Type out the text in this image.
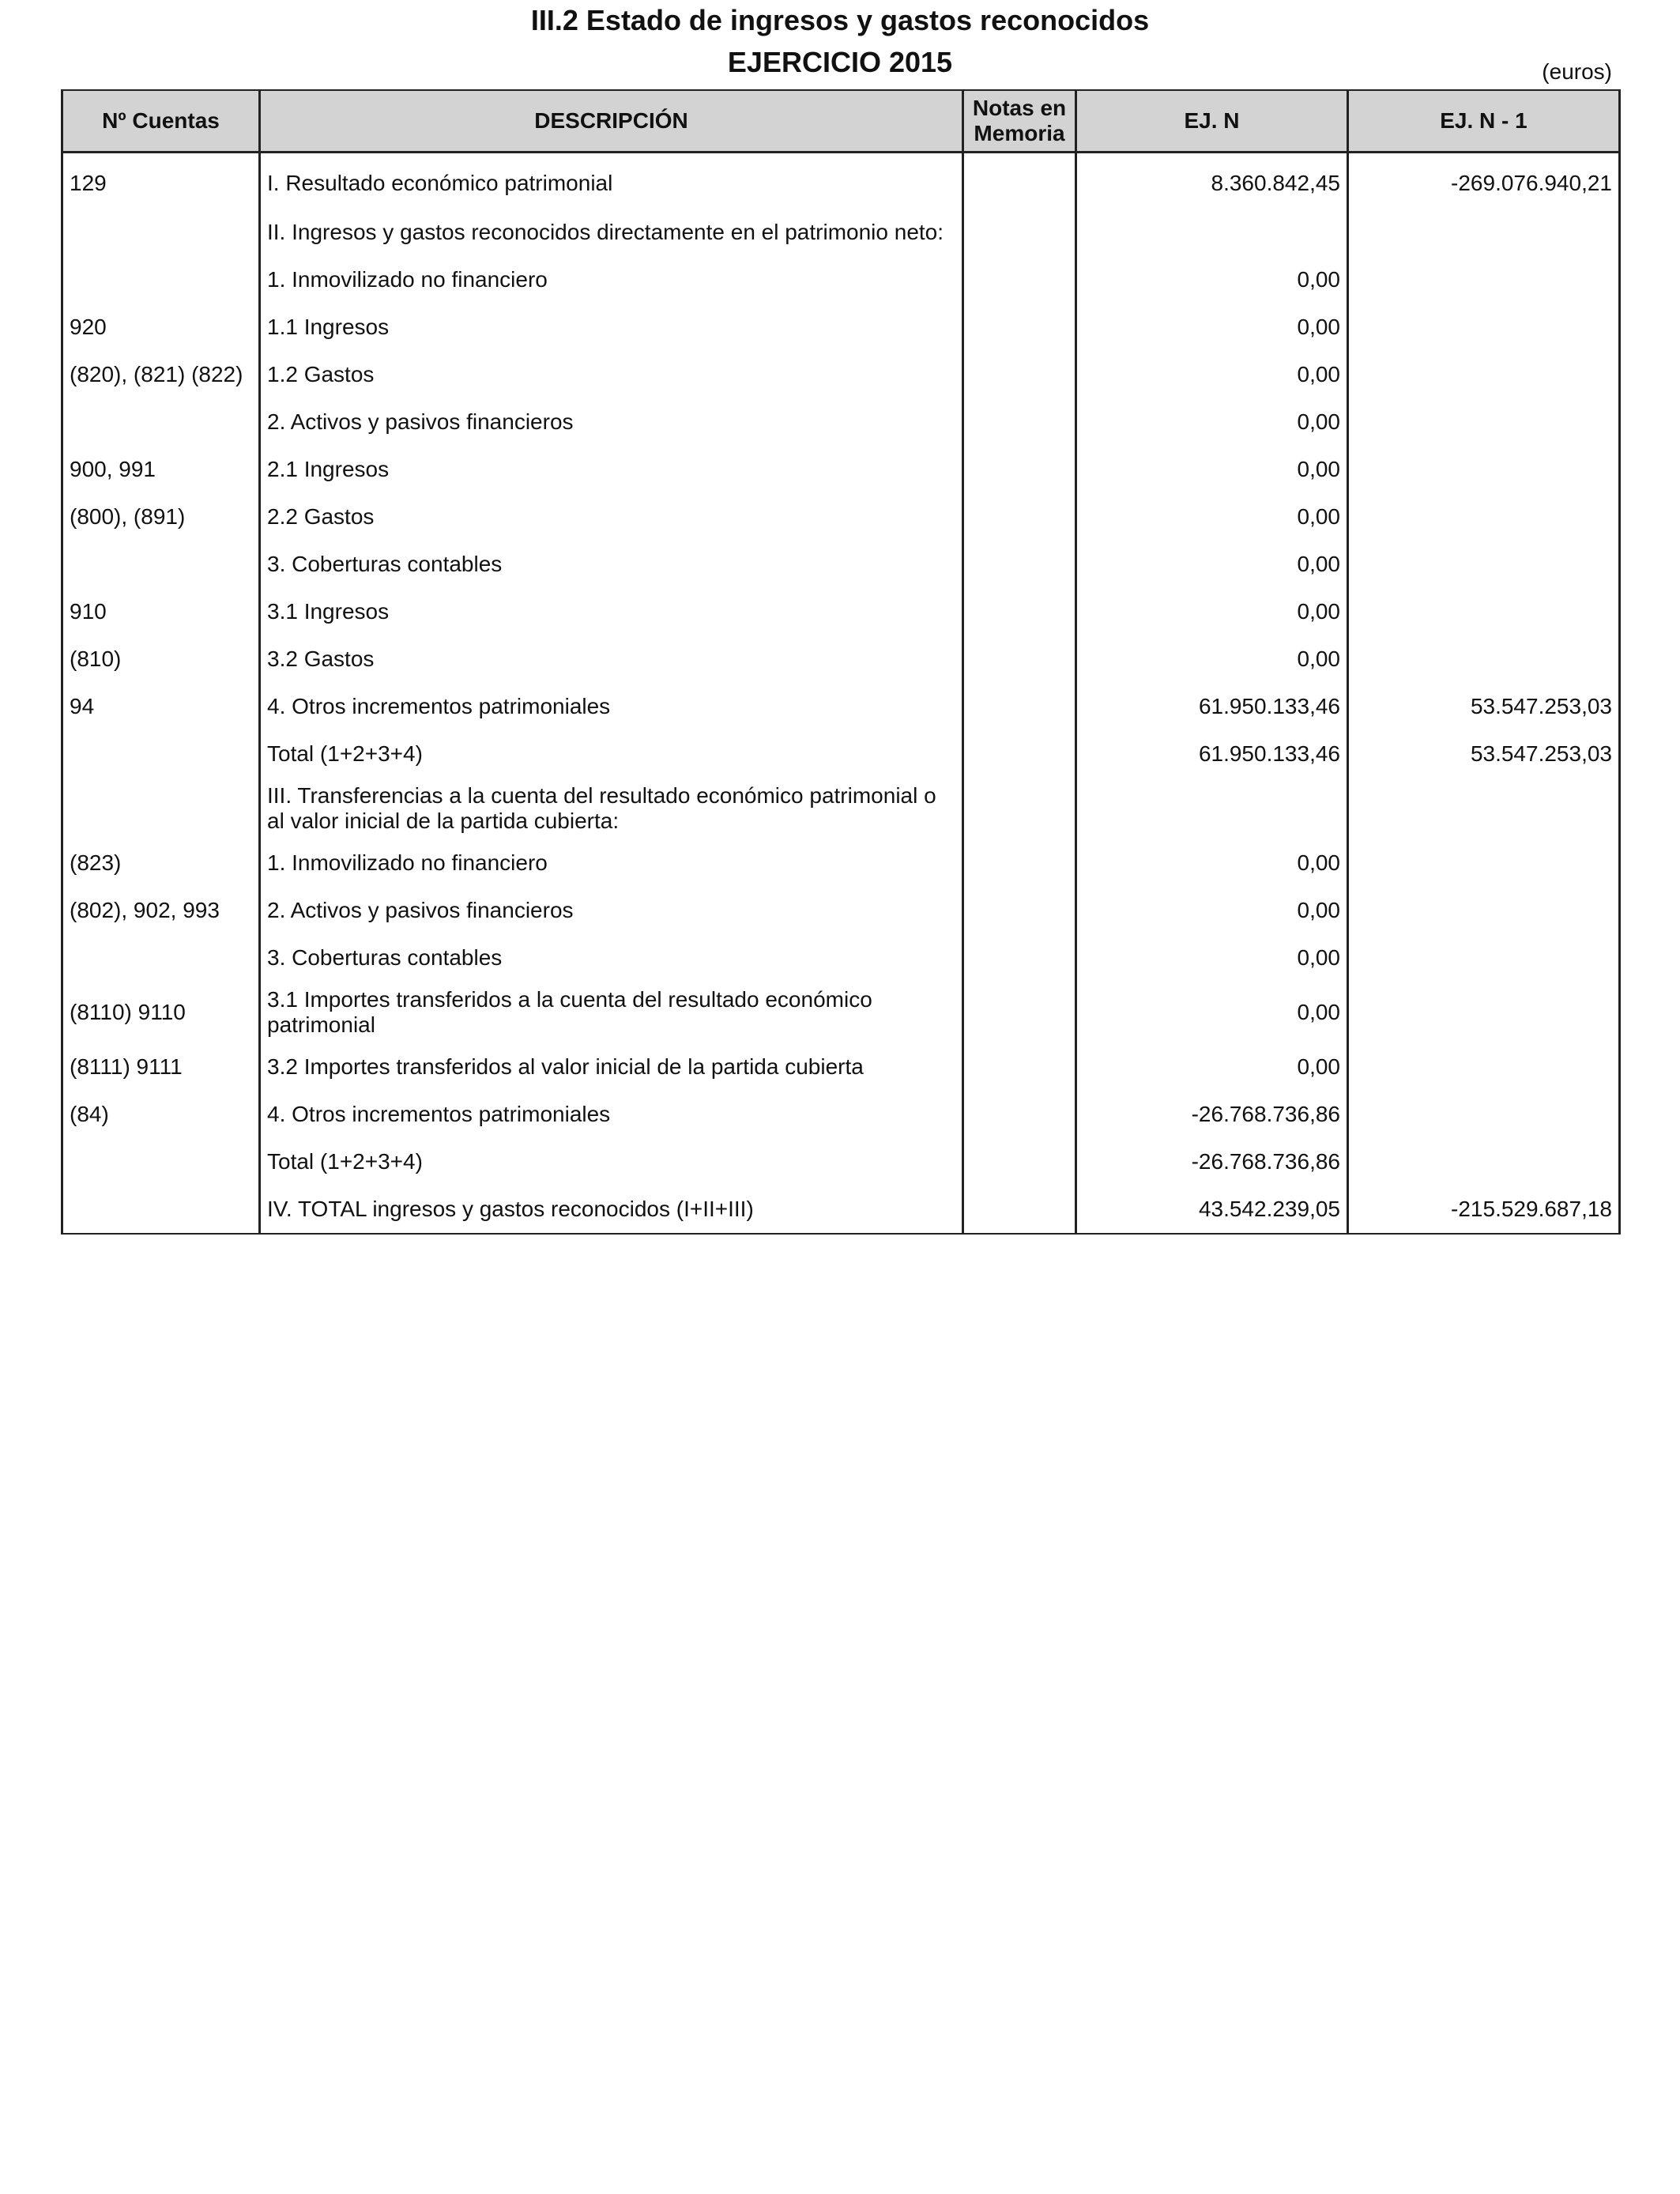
III.2 Estado de ingresos y gastos reconocidos
EJERCICIO 2015	(euros)
Nº Cuentas	DESCRIPCIÓN	Notas en Memoria	EJ. N	EJ. N - 1
129	I. Resultado económico patrimonial		8.360.842,45	-269.076.940,21
	II. Ingresos y gastos reconocidos directamente en el patrimonio neto:			
	1. Inmovilizado no financiero		0,00	
920	1.1 Ingresos		0,00	
(820), (821) (822)	1.2 Gastos		0,00	
	2. Activos y pasivos financieros		0,00	
900, 991	2.1 Ingresos		0,00	
(800), (891)	2.2 Gastos		0,00	
	3. Coberturas contables		0,00	
910	3.1 Ingresos		0,00	
(810)	3.2 Gastos		0,00	
94	4. Otros incrementos patrimoniales		61.950.133,46	53.547.253,03
	Total (1+2+3+4)		61.950.133,46	53.547.253,03
	III. Transferencias a la cuenta del resultado económico patrimonial o al valor inicial de la partida cubierta:			
(823)	1. Inmovilizado no financiero		0,00	
(802), 902, 993	2. Activos y pasivos financieros		0,00	
	3. Coberturas contables		0,00	
(8110) 9110	3.1 Importes transferidos a la cuenta del resultado económico patrimonial		0,00	
(8111) 9111	3.2 Importes transferidos al valor inicial de la partida cubierta		0,00	
(84)	4. Otros incrementos patrimoniales		-26.768.736,86	
	Total (1+2+3+4)		-26.768.736,86	
	IV. TOTAL ingresos y gastos reconocidos (I+II+III)		43.542.239,05	-215.529.687,18
